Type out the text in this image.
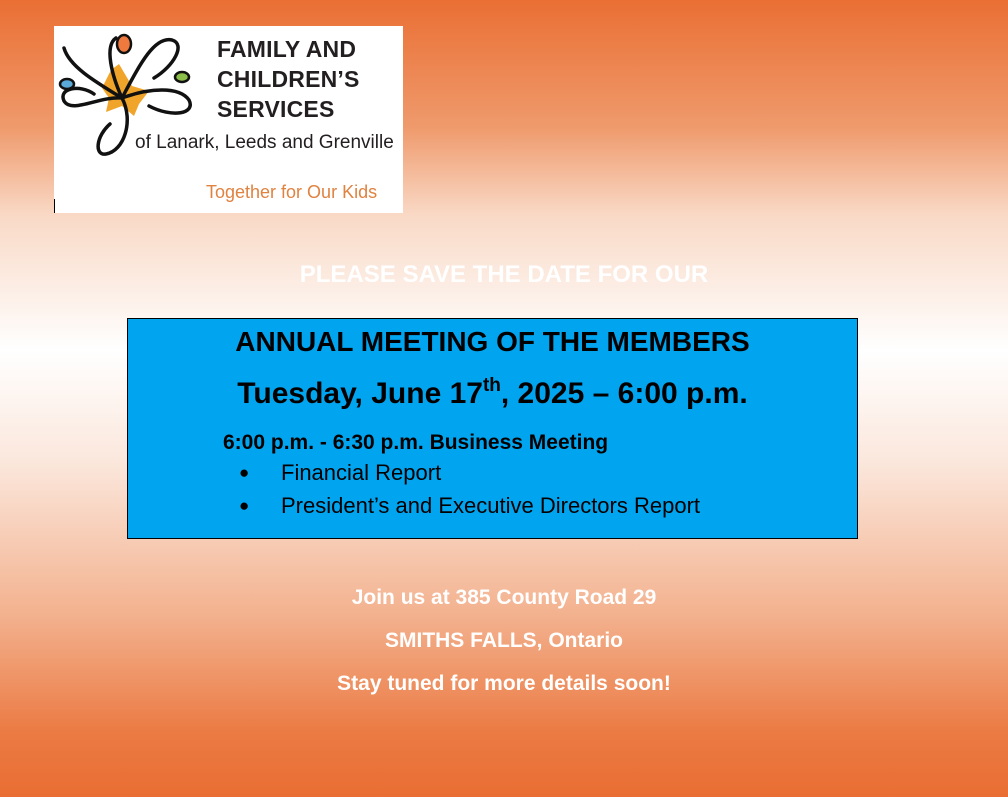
FAMILY AND
CHILDREN’S
SERVICES
of Lanark, Leeds and Grenville
Together for Our Kids
PLEASE SAVE THE DATE FOR OUR
ANNUAL MEETING OF THE MEMBERS
Tuesday, June 17th, 2025 – 6:00 p.m.
6:00 p.m. - 6:30 p.m. Business Meeting
● Financial Report
● President’s and Executive Directors Report
Join us at 385 County Road 29
SMITHS FALLS, Ontario
Stay tuned for more details soon!
